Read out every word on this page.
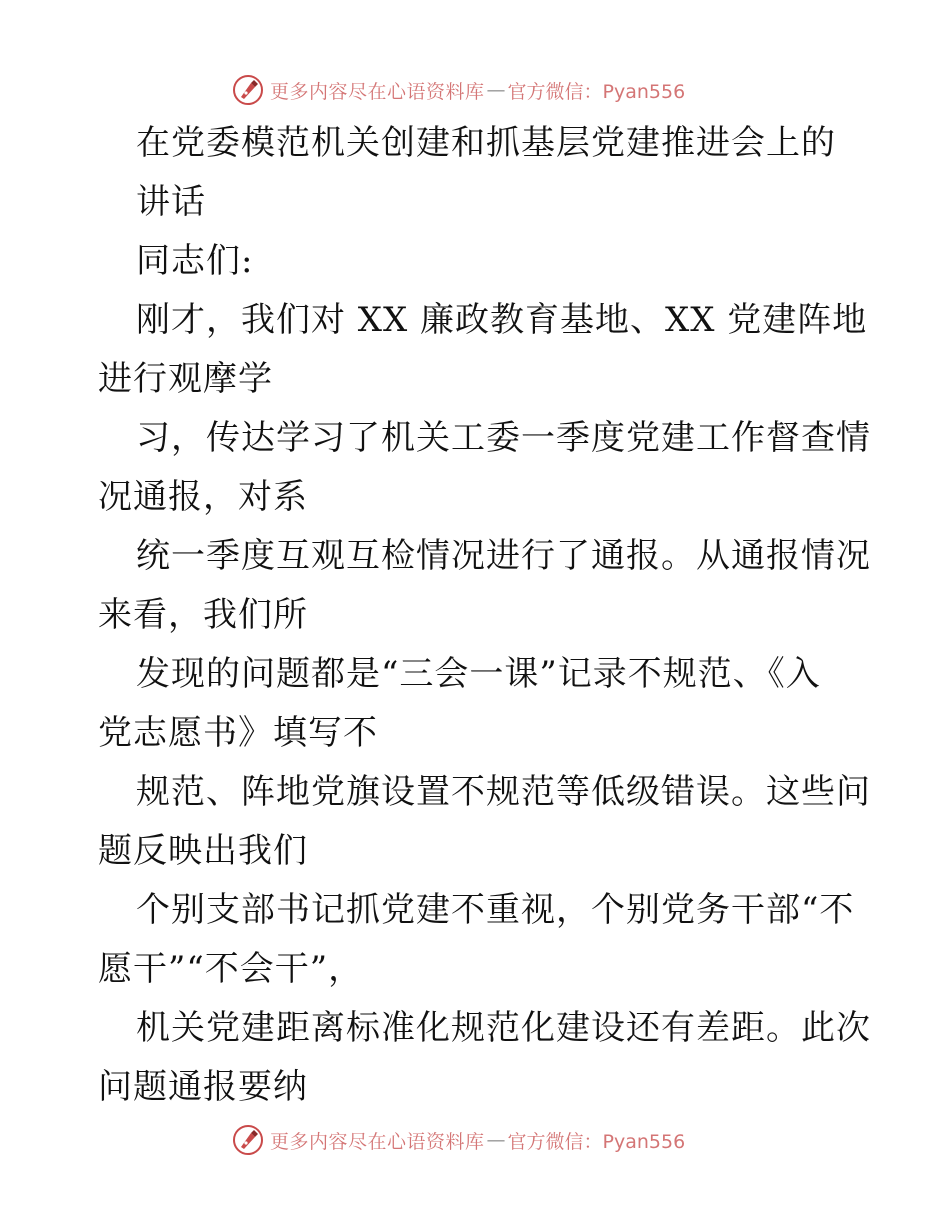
更多内容尽在心语资料库 — 官方微信：Pyan556
在党委模范机关创建和抓基层党建推进会上的
讲话
同志们:
刚才，我们对 XX 廉政教育基地、XX 党建阵地
进行观摩学
习，传达学习了机关工委一季度党建工作督查情
况通报，对系
统一季度互观互检情况进行了通报。从通报情况
来看，我们所
发现的问题都是“三会一课”记录不规范、《入
党志愿书》填写不
规范、阵地党旗设置不规范等低级错误。这些问
题反映出我们
个别支部书记抓党建不重视，个别党务干部“不
愿干”“不会干”，
机关党建距离标准化规范化建设还有差距。此次
问题通报要纳
更多内容尽在心语资料库 — 官方微信：Pyan556
